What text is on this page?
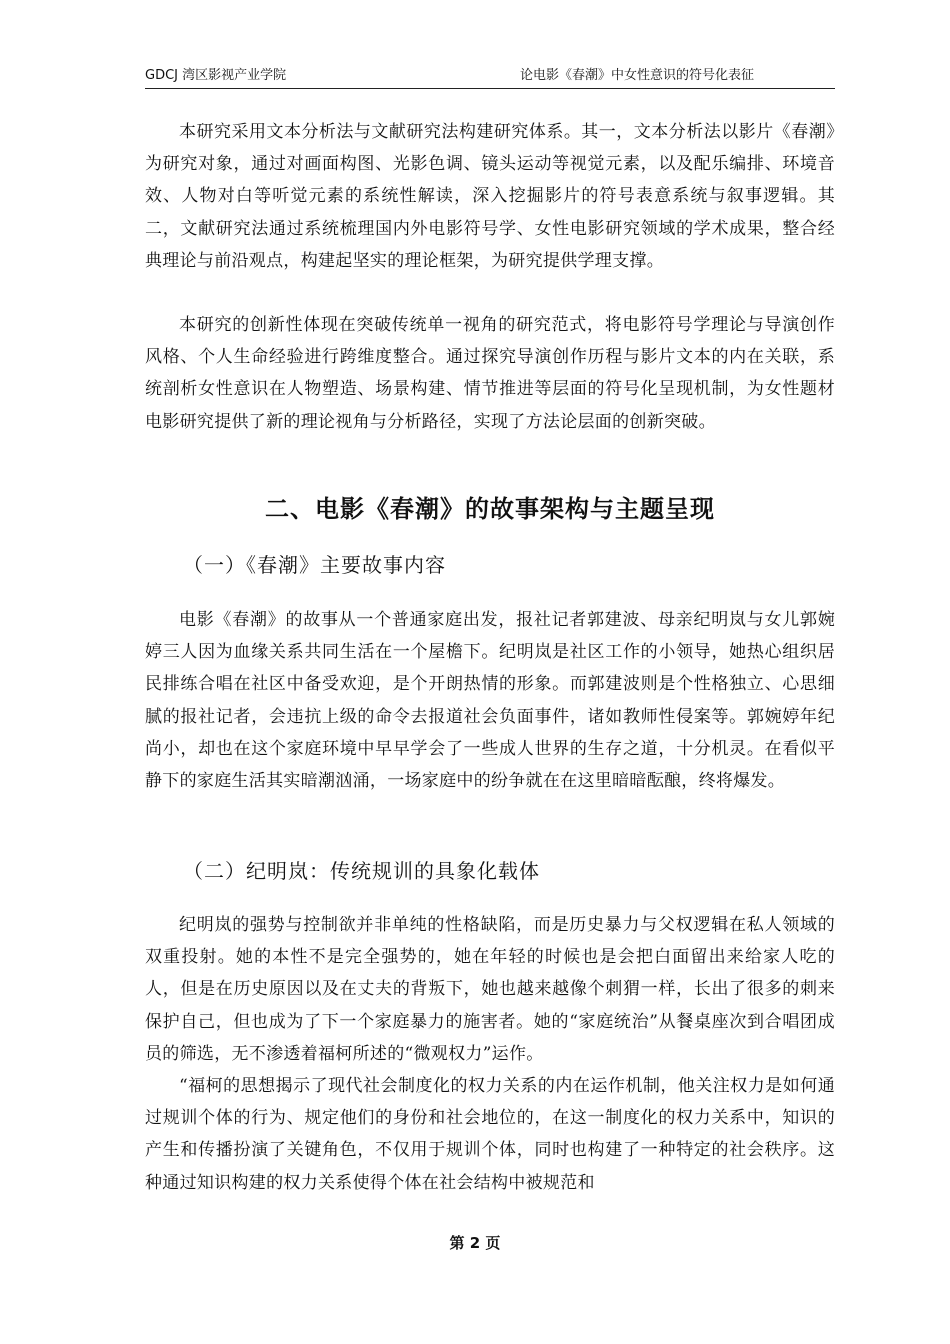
GDCJ 湾区影视产业学院	论电影《春潮》中女性意识的符号化表征

本研究采用文本分析法与文献研究法构建研究体系。其一，文本分析法以影片《春潮》为研究对象，通过对画面构图、光影色调、镜头运动等视觉元素，以及配乐编排、环境音效、人物对白等听觉元素的系统性解读，深入挖掘影片的符号表意系统与叙事逻辑。其二，文献研究法通过系统梳理国内外电影符号学、女性电影研究领域的学术成果，整合经典理论与前沿观点，构建起坚实的理论框架，为研究提供学理支撑。

本研究的创新性体现在突破传统单一视角的研究范式，将电影符号学理论与导演创作风格、个人生命经验进行跨维度整合。通过探究导演创作历程与影片文本的内在关联，系统剖析女性意识在人物塑造、场景构建、情节推进等层面的符号化呈现机制，为女性题材电影研究提供了新的理论视角与分析路径，实现了方法论层面的创新突破。

二、电影《春潮》的故事架构与主题呈现
（一）《春潮》主要故事内容

电影《春潮》的故事从一个普通家庭出发，报社记者郭建波、母亲纪明岚与女儿郭婉婷三人因为血缘关系共同生活在一个屋檐下。纪明岚是社区工作的小领导，她热心组织居民排练合唱在社区中备受欢迎，是个开朗热情的形象。而郭建波则是个性格独立、心思细腻的报社记者，会违抗上级的命令去报道社会负面事件，诸如教师性侵案等。郭婉婷年纪尚小，却也在这个家庭环境中早早学会了一些成人世界的生存之道，十分机灵。在看似平静下的家庭生活其实暗潮汹涌，一场家庭中的纷争就在在这里暗暗酝酿，终将爆发。

（二）纪明岚：传统规训的具象化载体

纪明岚的强势与控制欲并非单纯的性格缺陷，而是历史暴力与父权逻辑在私人领域的双重投射。她的本性不是完全强势的，她在年轻的时候也是会把白面留出来给家人吃的人，但是在历史原因以及在丈夫的背叛下，她也越来越像个刺猬一样，长出了很多的刺来保护自己，但也成为了下一个家庭暴力的施害者。她的“家庭统治”从餐桌座次到合唱团成员的筛选，无不渗透着福柯所述的“微观权力”运作。

“福柯的思想揭示了现代社会制度化的权力关系的内在运作机制，他关注权力是如何通过规训个体的行为、规定他们的身份和社会地位的，在这一制度化的权力关系中，知识的产生和传播扮演了关键角色，不仅用于规训个体，同时也构建了一种特定的社会秩序。这种通过知识构建的权力关系使得个体在社会结构中被规范和

第 2 页
